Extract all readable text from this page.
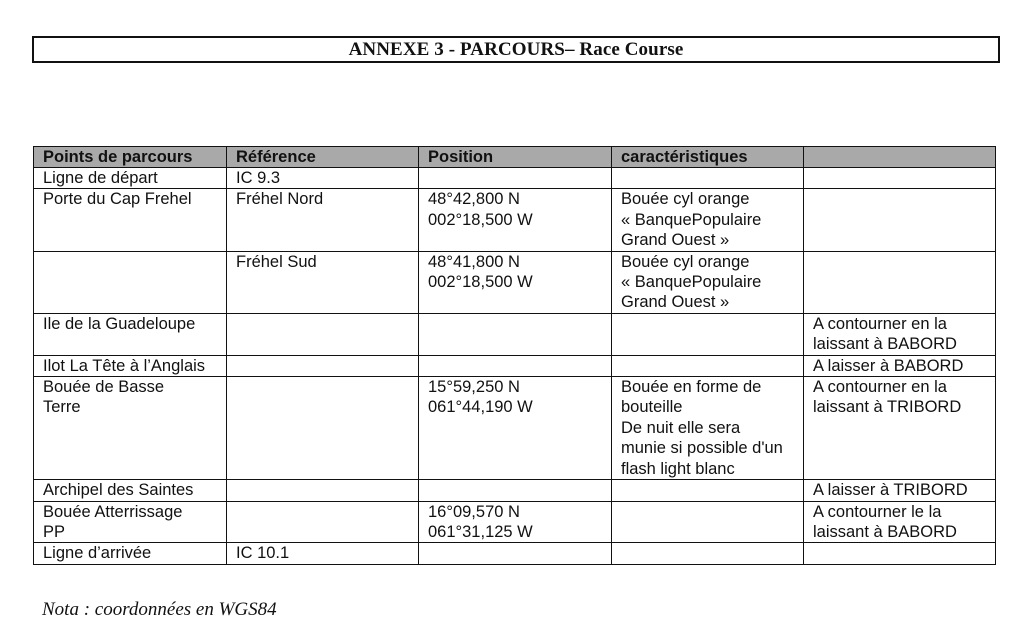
ANNEXE 3 - PARCOURS– Race Course
Points de parcours	Référence	Position	caractéristiques	

Ligne de départ	IC 9.3			

Porte du Cap Frehel	Fréhel Nord	48°42,800 N
002°18,500 W	Bouée cyl orange
« BanquePopulaire
Grand Ouest »	

	Fréhel Sud	48°41,800 N
002°18,500 W	Bouée cyl orange
« BanquePopulaire
Grand Ouest »	

Ile de la Guadeloupe				A contourner en la
laissant à BABORD

Ilot La Tête à l’Anglais				A laisser à BABORD

Bouée de Basse
Terre		15°59,250 N
061°44,190 W	Bouée en forme de
bouteille
De nuit elle sera
munie si possible d'un
flash light blanc	A contourner en la
laissant à TRIBORD

Archipel des Saintes				A laisser à TRIBORD

Bouée Atterrissage
PP		16°09,570 N
061°31,125 W		A contourner le la
laissant à BABORD

Ligne d’arrivée	IC 10.1			

Nota : coordonnées en WGS84
